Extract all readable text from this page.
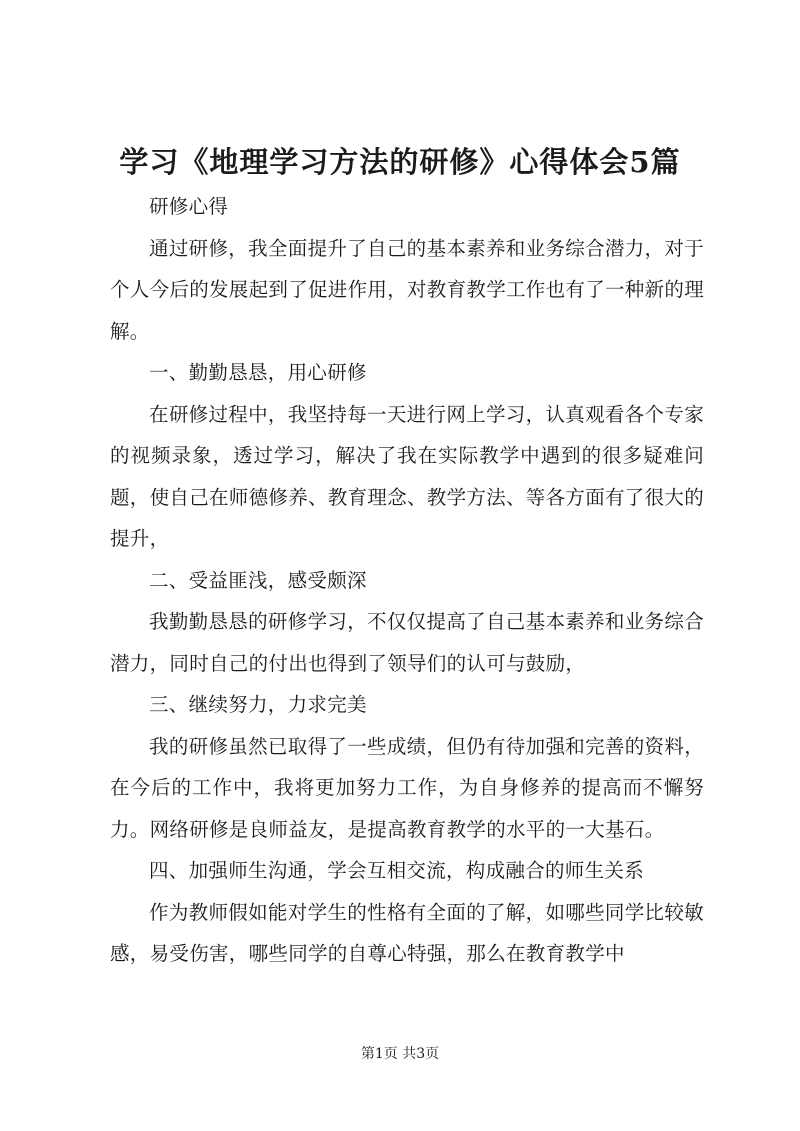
学习《地理学习方法的研修》心得体会5篇

研修心得

通过研修，我全面提升了自己的基本素养和业务综合潜力，对于个人今后的发展起到了促进作用，对教育教学工作也有了一种新的理解。

一、勤勤恳恳，用心研修

在研修过程中，我坚持每一天进行网上学习，认真观看各个专家的视频录象，透过学习，解决了我在实际教学中遇到的很多疑难问题，使自己在师德修养、教育理念、教学方法、等各方面有了很大的提升，

二、受益匪浅，感受颇深

我勤勤恳恳的研修学习，不仅仅提高了自己基本素养和业务综合潜力，同时自己的付出也得到了领导们的认可与鼓励，

三、继续努力，力求完美

我的研修虽然已取得了一些成绩，但仍有待加强和完善的资料，在今后的工作中，我将更加努力工作，为自身修养的提高而不懈努力。网络研修是良师益友，是提高教育教学的水平的一大基石。

四、加强师生沟通，学会互相交流，构成融合的师生关系

作为教师假如能对学生的性格有全面的了解，如哪些同学比较敏感，易受伤害，哪些同学的自尊心特强，那么在教育教学中

第1页 共3页
